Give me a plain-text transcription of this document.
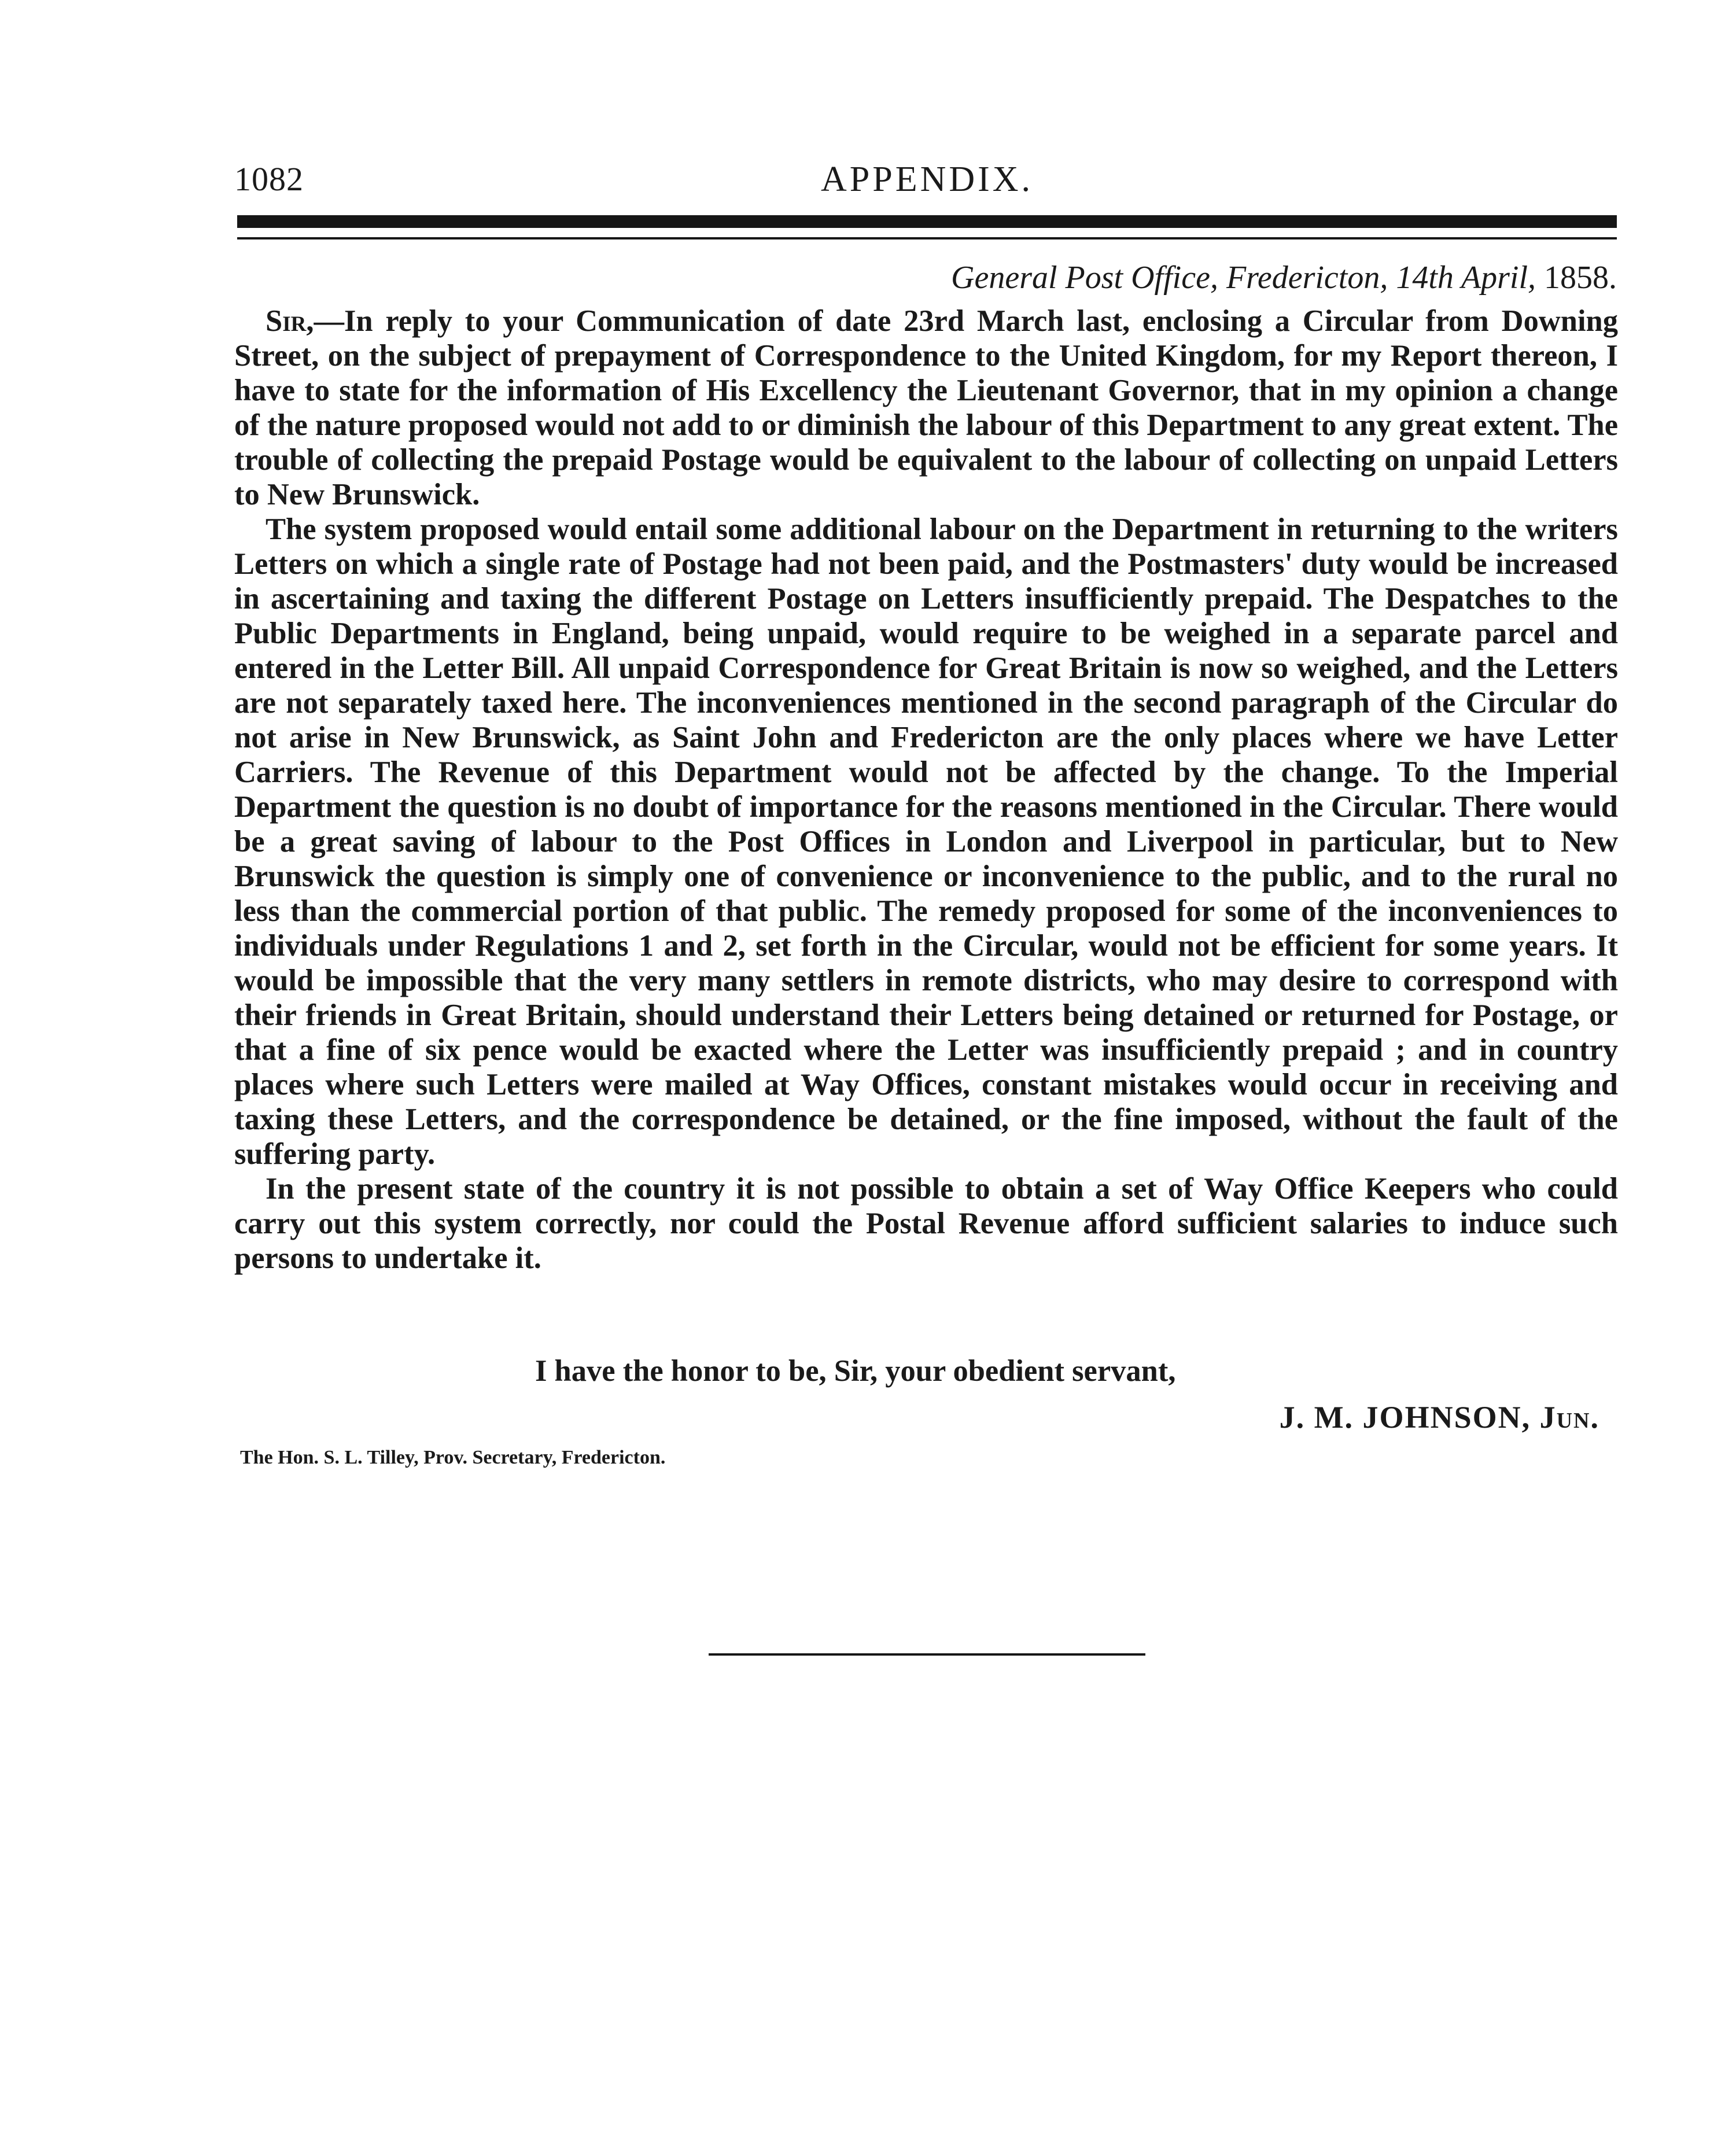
1082	APPENDIX.
General Post Office, Fredericton, 14th April, 1858.

Sir,—In reply to your Communication of date 23rd March last, enclosing a Circular from Downing Street, on the subject of prepayment of Correspondence to the United Kingdom, for my Report thereon, I have to state for the information of His Excellency the Lieutenant Governor, that in my opinion a change of the nature proposed would not add to or diminish the labour of this Department to any great extent. The trouble of collecting the prepaid Postage would be equivalent to the labour of collecting on unpaid Letters to New Brunswick.

The system proposed would entail some additional labour on the Department in returning to the writers Letters on which a single rate of Postage had not been paid, and the Postmasters' duty would be increased in ascertaining and taxing the different Postage on Letters insufficiently prepaid. The Despatches to the Public Departments in England, being unpaid, would require to be weighed in a separate parcel and entered in the Letter Bill. All unpaid Correspondence for Great Britain is now so weighed, and the Letters are not separately taxed here. The inconveniences mentioned in the second paragraph of the Circular do not arise in New Brunswick, as Saint John and Fredericton are the only places where we have Letter Carriers. The Revenue of this Department would not be affected by the change. To the Imperial Department the question is no doubt of importance for the reasons mentioned in the Circular. There would be a great saving of labour to the Post Offices in London and Liverpool in particular, but to New Brunswick the question is simply one of convenience or inconvenience to the public, and to the rural no less than the commercial portion of that public. The remedy proposed for some of the inconveniences to individuals under Regulations 1 and 2, set forth in the Circular, would not be efficient for some years. It would be impossible that the very many settlers in remote districts, who may desire to correspond with their friends in Great Britain, should understand their Letters being detained or returned for Postage, or that a fine of six pence would be exacted where the Letter was insufficiently prepaid ; and in country places where such Letters were mailed at Way Offices, constant mistakes would occur in receiving and taxing these Letters, and the correspondence be detained, or the fine imposed, without the fault of the suffering party.

In the present state of the country it is not possible to obtain a set of Way Office Keepers who could carry out this system correctly, nor could the Postal Revenue afford sufficient salaries to induce such persons to undertake it.

I have the honor to be, Sir, your obedient servant,
J. M. JOHNSON, Jun.
The Hon. S. L. Tilley, Prov. Secretary, Fredericton.
